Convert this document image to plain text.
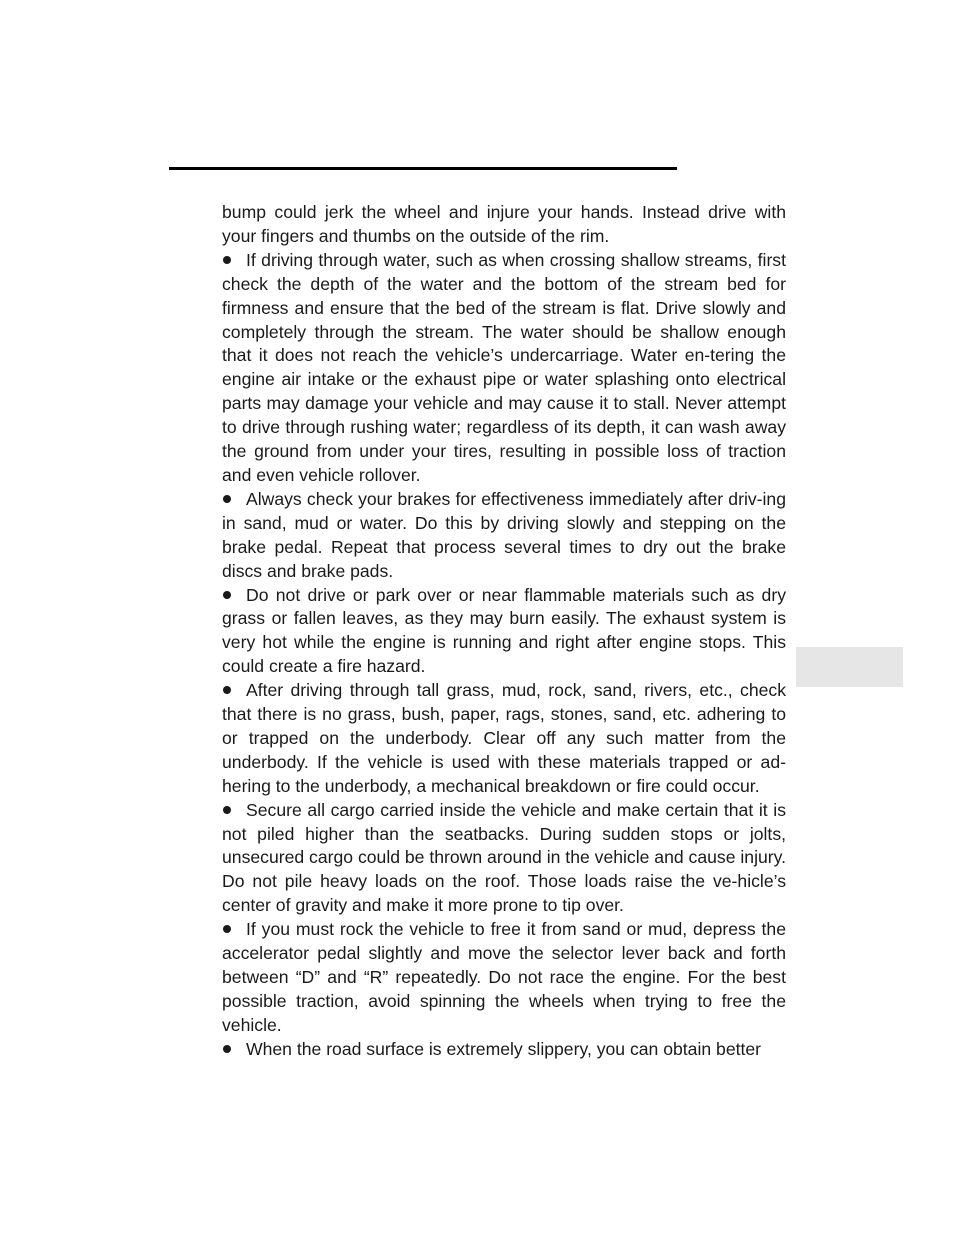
bump could jerk the wheel and injure your hands. Instead drive with your fingers and thumbs on the outside of the rim.

If driving through water, such as when crossing shallow streams, first check the depth of the water and the bottom of the stream bed for firmness and ensure that the bed of the stream is flat. Drive slowly and completely through the stream. The water should be shallow enough that it does not reach the vehicle’s undercarriage. Water en-tering the engine air intake or the exhaust pipe or water splashing onto electrical parts may damage your vehicle and may cause it to stall. Never attempt to drive through rushing water; regardless of its depth, it can wash away the ground from under your tires, resulting in possible loss of traction and even vehicle rollover.

Always check your brakes for effectiveness immediately after driv-ing in sand, mud or water. Do this by driving slowly and stepping on the brake pedal. Repeat that process several times to dry out the brake discs and brake pads.

Do not drive or park over or near flammable materials such as dry grass or fallen leaves, as they may burn easily. The exhaust system is very hot while the engine is running and right after engine stops. This could create a fire hazard.

After driving through tall grass, mud, rock, sand, rivers, etc., check that there is no grass, bush, paper, rags, stones, sand, etc. adhering to or trapped on the underbody. Clear off any such matter from the underbody. If the vehicle is used with these materials trapped or ad-hering to the underbody, a mechanical breakdown or fire could occur.

Secure all cargo carried inside the vehicle and make certain that it is not piled higher than the seatbacks. During sudden stops or jolts, unsecured cargo could be thrown around in the vehicle and cause injury. Do not pile heavy loads on the roof. Those loads raise the ve-hicle’s center of gravity and make it more prone to tip over.

If you must rock the vehicle to free it from sand or mud, depress the accelerator pedal slightly and move the selector lever back and forth between “D” and “R” repeatedly. Do not race the engine. For the best possible traction, avoid spinning the wheels when trying to free the vehicle.

When the road surface is extremely slippery, you can obtain better
